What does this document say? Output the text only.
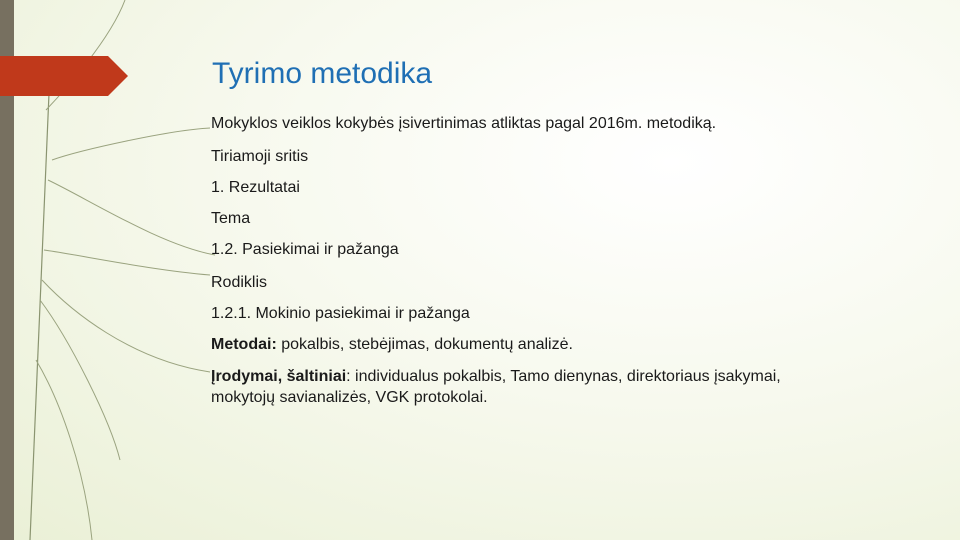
Tyrimo metodika

Mokyklos veiklos kokybės įsivertinimas atliktas pagal 2016m. metodiką.

Tiriamoji sritis

1. Rezultatai

Tema

1.2. Pasiekimai ir pažanga

Rodiklis

1.2.1. Mokinio pasiekimai ir pažanga

Metodai: pokalbis, stebėjimas, dokumentų analizė.

Įrodymai, šaltiniai: individualus pokalbis, Tamo dienynas, direktoriaus įsakymai,

mokytojų savianalizės, VGK protokolai.
